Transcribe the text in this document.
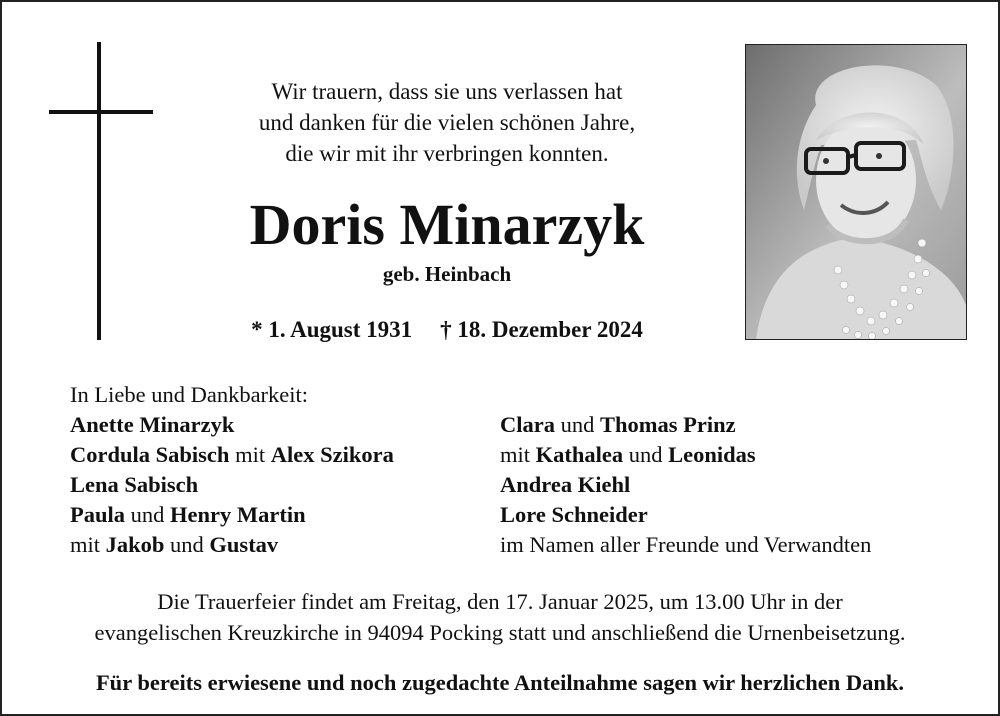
Wir trauern, dass sie uns verlassen hat
und danken für die vielen schönen Jahre,
die wir mit ihr verbringen konnten.
Doris Minarzyk
geb. Heinbach
* 1. August 1931 † 18. Dezember 2024
In Liebe und Dankbarkeit:
Anette Minarzyk
Cordula Sabisch mit Alex Szikora
Lena Sabisch
Paula und Henry Martin
mit Jakob und Gustav
Clara und Thomas Prinz
mit Kathalea und Leonidas
Andrea Kiehl
Lore Schneider
im Namen aller Freunde und Verwandten
Die Trauerfeier findet am Freitag, den 17. Januar 2025, um 13.00 Uhr in der
evangelischen Kreuzkirche in 94094 Pocking statt und anschließend die Urnenbeisetzung.
Für bereits erwiesene und noch zugedachte Anteilnahme sagen wir herzlichen Dank.
